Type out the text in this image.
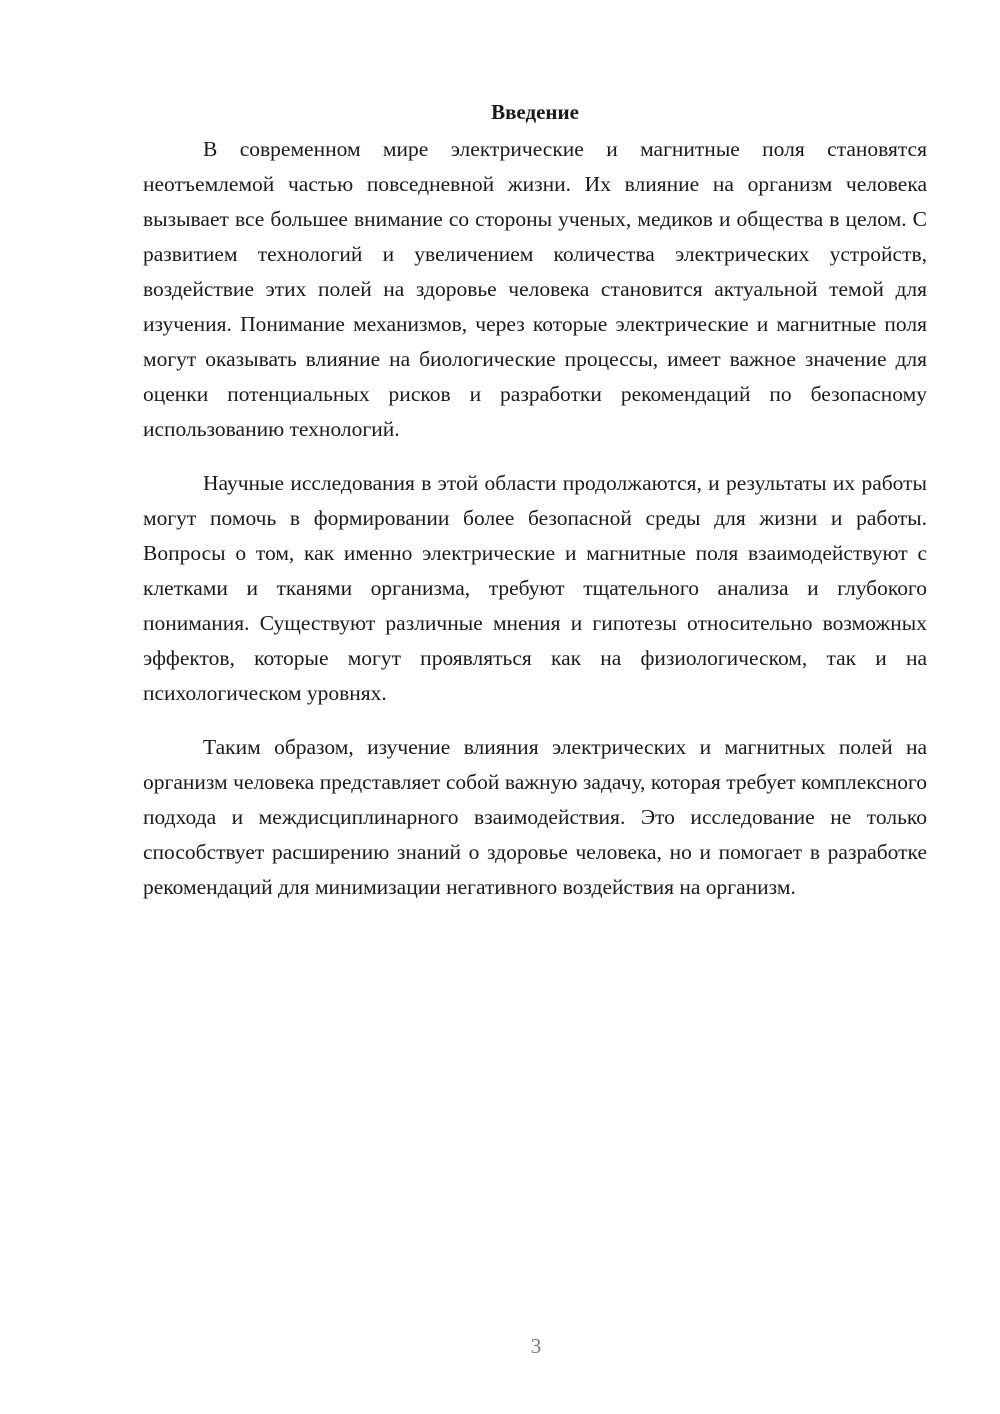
Введение

В современном мире электрические и магнитные поля становятся неотъемлемой частью повседневной жизни. Их влияние на организм человека вызывает все большее внимание со стороны ученых, медиков и общества в целом. С развитием технологий и увеличением количества электрических устройств, воздействие этих полей на здоровье человека становится актуальной темой для изучения. Понимание механизмов, через которые электрические и магнитные поля могут оказывать влияние на биологические процессы, имеет важное значение для оценки потенциальных рисков и разработки рекомендаций по безопасному использованию технологий.

Научные исследования в этой области продолжаются, и результаты их работы могут помочь в формировании более безопасной среды для жизни и работы. Вопросы о том, как именно электрические и магнитные поля взаимодействуют с клетками и тканями организма, требуют тщательного анализа и глубокого понимания. Существуют различные мнения и гипотезы относительно возможных эффектов, которые могут проявляться как на физиологическом, так и на психологическом уровнях.

Таким образом, изучение влияния электрических и магнитных полей на организм человека представляет собой важную задачу, которая требует комплексного подхода и междисциплинарного взаимодействия. Это исследование не только способствует расширению знаний о здоровье человека, но и помогает в разработке рекомендаций для минимизации негативного воздействия на организм.

3
